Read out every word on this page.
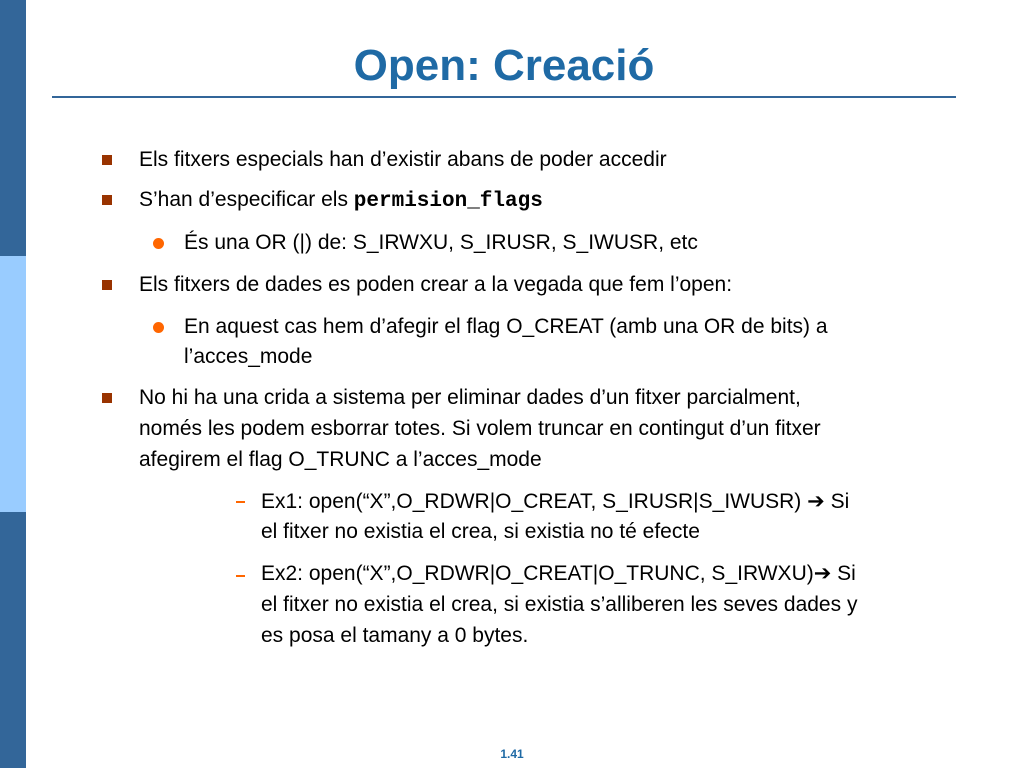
Open: Creació
Els fitxers especials han d’existir abans de poder accedir
S’han d’especificar els permision_flags
És una OR (|) de: S_IRWXU, S_IRUSR, S_IWUSR, etc
Els fitxers de dades es poden crear a la vegada que fem l’open:
En aquest cas hem d’afegir el flag O_CREAT (amb una OR de bits) a
l’acces_mode
No hi ha una crida a sistema per eliminar dades d’un fitxer parcialment,
només les podem esborrar totes. Si volem truncar en contingut d’un fitxer
afegirem el flag O_TRUNC a l’acces_mode
Ex1: open(“X”,O_RDWR|O_CREAT, S_IRUSR|S_IWUSR) ➔ Si
el fitxer no existia el crea, si existia no té efecte
Ex2: open(“X”,O_RDWR|O_CREAT|O_TRUNC, S_IRWXU)➔ Si
el fitxer no existia el crea, si existia s’alliberen les seves dades y
es posa el tamany a 0 bytes.
1.41
